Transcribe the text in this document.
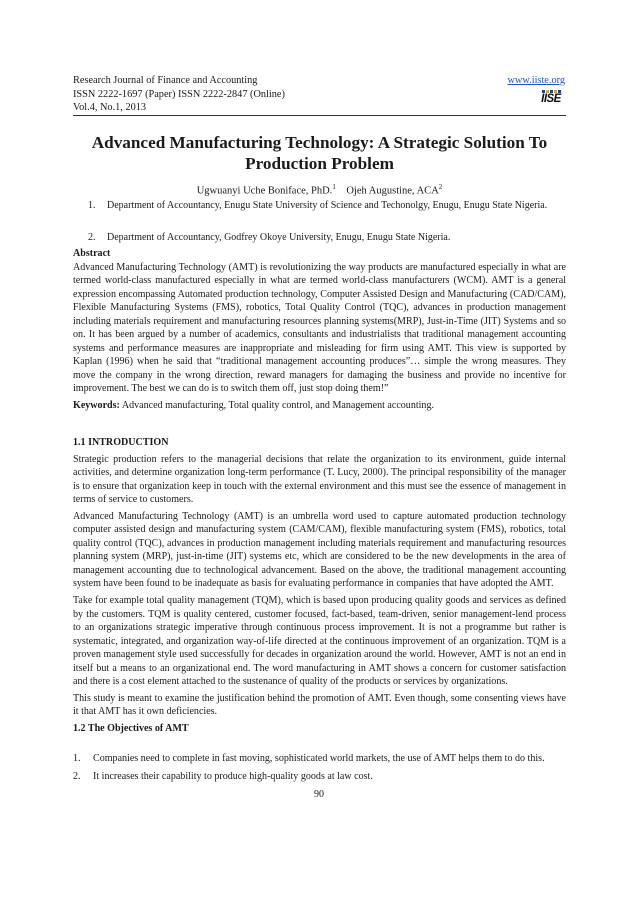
Research Journal of Finance and Accounting
ISSN 2222-1697 (Paper) ISSN 2222-2847 (Online)
Vol.4, No.1, 2013
www.iiste.org
IISE
Advanced Manufacturing Technology: A Strategic Solution To
Production Problem
Ugwuanyi Uche Boniface, PhD.$^1$ Ojeh Augustine, ACA$^2$
1. Department of Accountancy, Enugu State University of Science and Techonolgy, Enugu, Enugu State Nigeria.
2. Department of Accountancy, Godfrey Okoye University, Enugu, Enugu State Nigeria.
Abstract
Advanced Manufacturing Technology (AMT) is revolutionizing the way products are manufactured especially in what are termed world-class manufactured especially in what are termed world-class manufacturers (WCM). AMT is a general expression encompassing Automated production technology, Computer Assisted Design and Manufacturing (CAD/CAM), Flexible Manufacturing Systems (FMS), robotics, Total Quality Control (TQC), advances in production management including materials requirement and manufacturing resources planning systems(MRP), Just-in-Time (JIT) Systems and so on. It has been argued by a number of academics, consultants and industrialists that traditional management accounting systems and performance measures are inappropriate and misleading for firm using AMT. This view is supported by Kaplan (1996) when he said that “traditional management accounting produces”… simple the wrong measures. They move the company in the wrong direction, reward managers for damaging the business and provide no incentive for improvement. The best we can do is to switch them off, just stop doing them!”
Keywords: Advanced manufacturing, Total quality control, and Management accounting.
1.1 INTRODUCTION
Strategic production refers to the managerial decisions that relate the organization to its environment, guide internal activities, and determine organization long-term performance (T. Lucy, 2000). The principal responsibility of the manager is to ensure that organization keep in touch with the external environment and this must see the essence of management in terms of service to customers.
Advanced Manufacturing Technology (AMT) is an umbrella word used to capture automated production technology computer assisted design and manufacturing system (CAM/CAM), flexible manufacturing system (FMS), robotics, total quality control (TQC), advances in production management including materials requirement and manufacturing resources planning system (MRP), just-in-time (JIT) systems etc, which are considered to be the new developments in the area of management accounting due to technological advancement. Based on the above, the traditional management accounting system have been found to be inadequate as basis for evaluating performance in companies that have adopted the AMT.
Take for example total quality management (TQM), which is based upon producing quality goods and services as defined by the customers. TQM is quality centered, customer focused, fact-based, team-driven, senior management-lend process to an organizations strategic imperative through continuous process improvement. It is not a programme but rather is systematic, integrated, and organization way-of-life directed at the continuous improvement of an organization. TQM is a proven management style used successfully for decades in organization around the world. However, AMT is not an end in itself but a means to an organizational end. The word manufacturing in AMT shows a concern for customer satisfaction and there is a cost element attached to the sustenance of quality of the products or services by organizations.
This study is meant to examine the justification behind the promotion of AMT. Even though, some consenting views have it that AMT has it own deficiencies.
1.2 The Objectives of AMT
1. Companies need to complete in fast moving, sophisticated world markets, the use of AMT helps them to do this.
2. It increases their capability to produce high-quality goods at law cost.
90
